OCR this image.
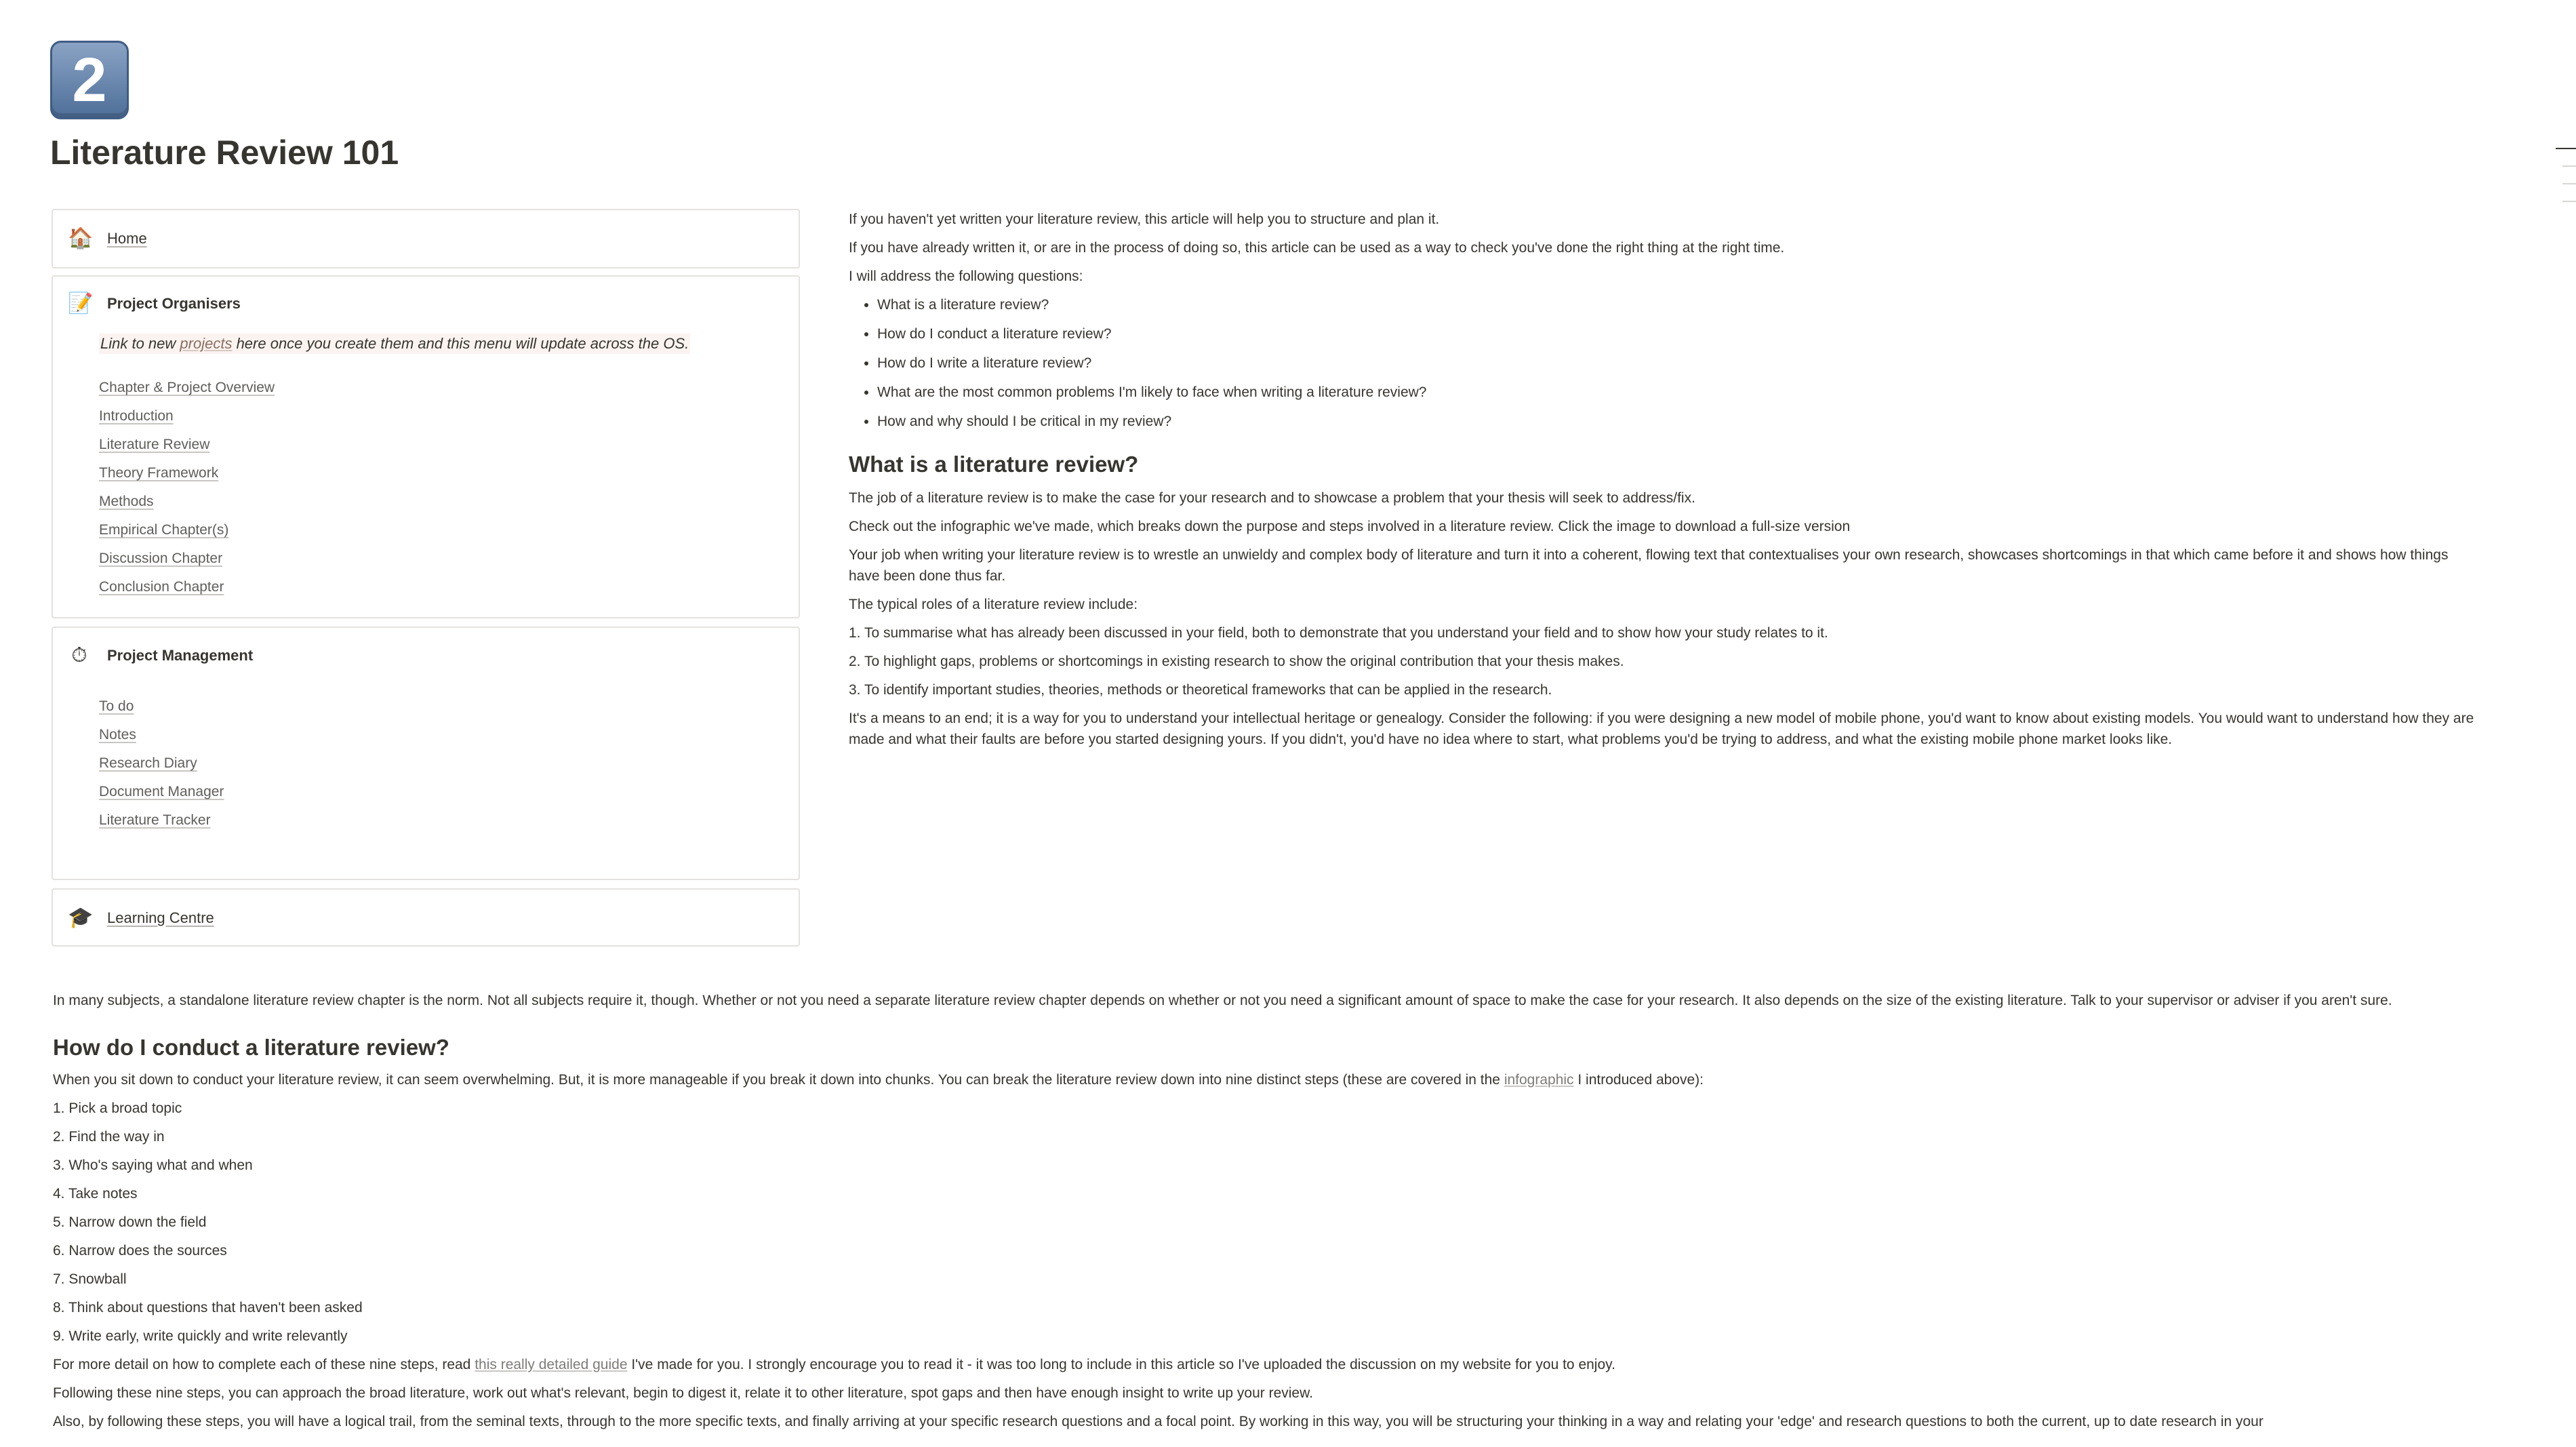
2
Literature Review 101
🏠 Home
📝 Project Organisers
Link to new projects here once you create them and this menu will update across the OS.
Chapter & Project Overview
Introduction
Literature Review
Theory Framework
Methods
Empirical Chapter(s)
Discussion Chapter
Conclusion Chapter
⏱ Project Management
To do
Notes
Research Diary
Document Manager
Literature Tracker
🎓 Learning Centre

If you haven't yet written your literature review, this article will help you to structure and plan it.

If you have already written it, or are in the process of doing so, this article can be used as a way to check you've done the right thing at the right time.

I will address the following questions:

• What is a literature review?
• How do I conduct a literature review?
• How do I write a literature review?
• What are the most common problems I'm likely to face when writing a literature review?
• How and why should I be critical in my review?
What is a literature review?

The job of a literature review is to make the case for your research and to showcase a problem that your thesis will seek to address/fix.

Check out the infographic we've made, which breaks down the purpose and steps involved in a literature review. Click the image to download a full-size version

Your job when writing your literature review is to wrestle an unwieldy and complex body of literature and turn it into a coherent, flowing text that contextualises your own research, showcases shortcomings in that which came before it and shows how things have been done thus far.

The typical roles of a literature review include:

1. To summarise what has already been discussed in your field, both to demonstrate that you understand your field and to show how your study relates to it.

2. To highlight gaps, problems or shortcomings in existing research to show the original contribution that your thesis makes.

3. To identify important studies, theories, methods or theoretical frameworks that can be applied in the research.

It's a means to an end; it is a way for you to understand your intellectual heritage or genealogy. Consider the following: if you were designing a new model of mobile phone, you'd want to know about existing models. You would want to understand how they are made and what their faults are before you started designing yours. If you didn't, you'd have no idea where to start, what problems you'd be trying to address, and what the existing mobile phone market looks like.

In many subjects, a standalone literature review chapter is the norm. Not all subjects require it, though. Whether or not you need a separate literature review chapter depends on whether or not you need a significant amount of space to make the case for your research. It also depends on the size of the existing literature. Talk to your supervisor or adviser if you aren't sure.

How do I conduct a literature review?

When you sit down to conduct your literature review, it can seem overwhelming. But, it is more manageable if you break it down into chunks. You can break the literature review down into nine distinct steps (these are covered in the infographic I introduced above):

1. Pick a broad topic

2. Find the way in

3. Who's saying what and when

4. Take notes

5. Narrow down the field

6. Narrow does the sources

7. Snowball

8. Think about questions that haven't been asked

9. Write early, write quickly and write relevantly

For more detail on how to complete each of these nine steps, read this really detailed guide I've made for you. I strongly encourage you to read it - it was too long to include in this article so I've uploaded the discussion on my website for you to enjoy.

Following these nine steps, you can approach the broad literature, work out what's relevant, begin to digest it, relate it to other literature, spot gaps and then have enough insight to write up your review.

Also, by following these steps, you will have a logical trail, from the seminal texts, through to the more specific texts, and finally arriving at your specific research questions and a focal point. By working in this way, you will be structuring your thinking in a way and relating your 'edge' and research questions to both the current, up to date research in your
